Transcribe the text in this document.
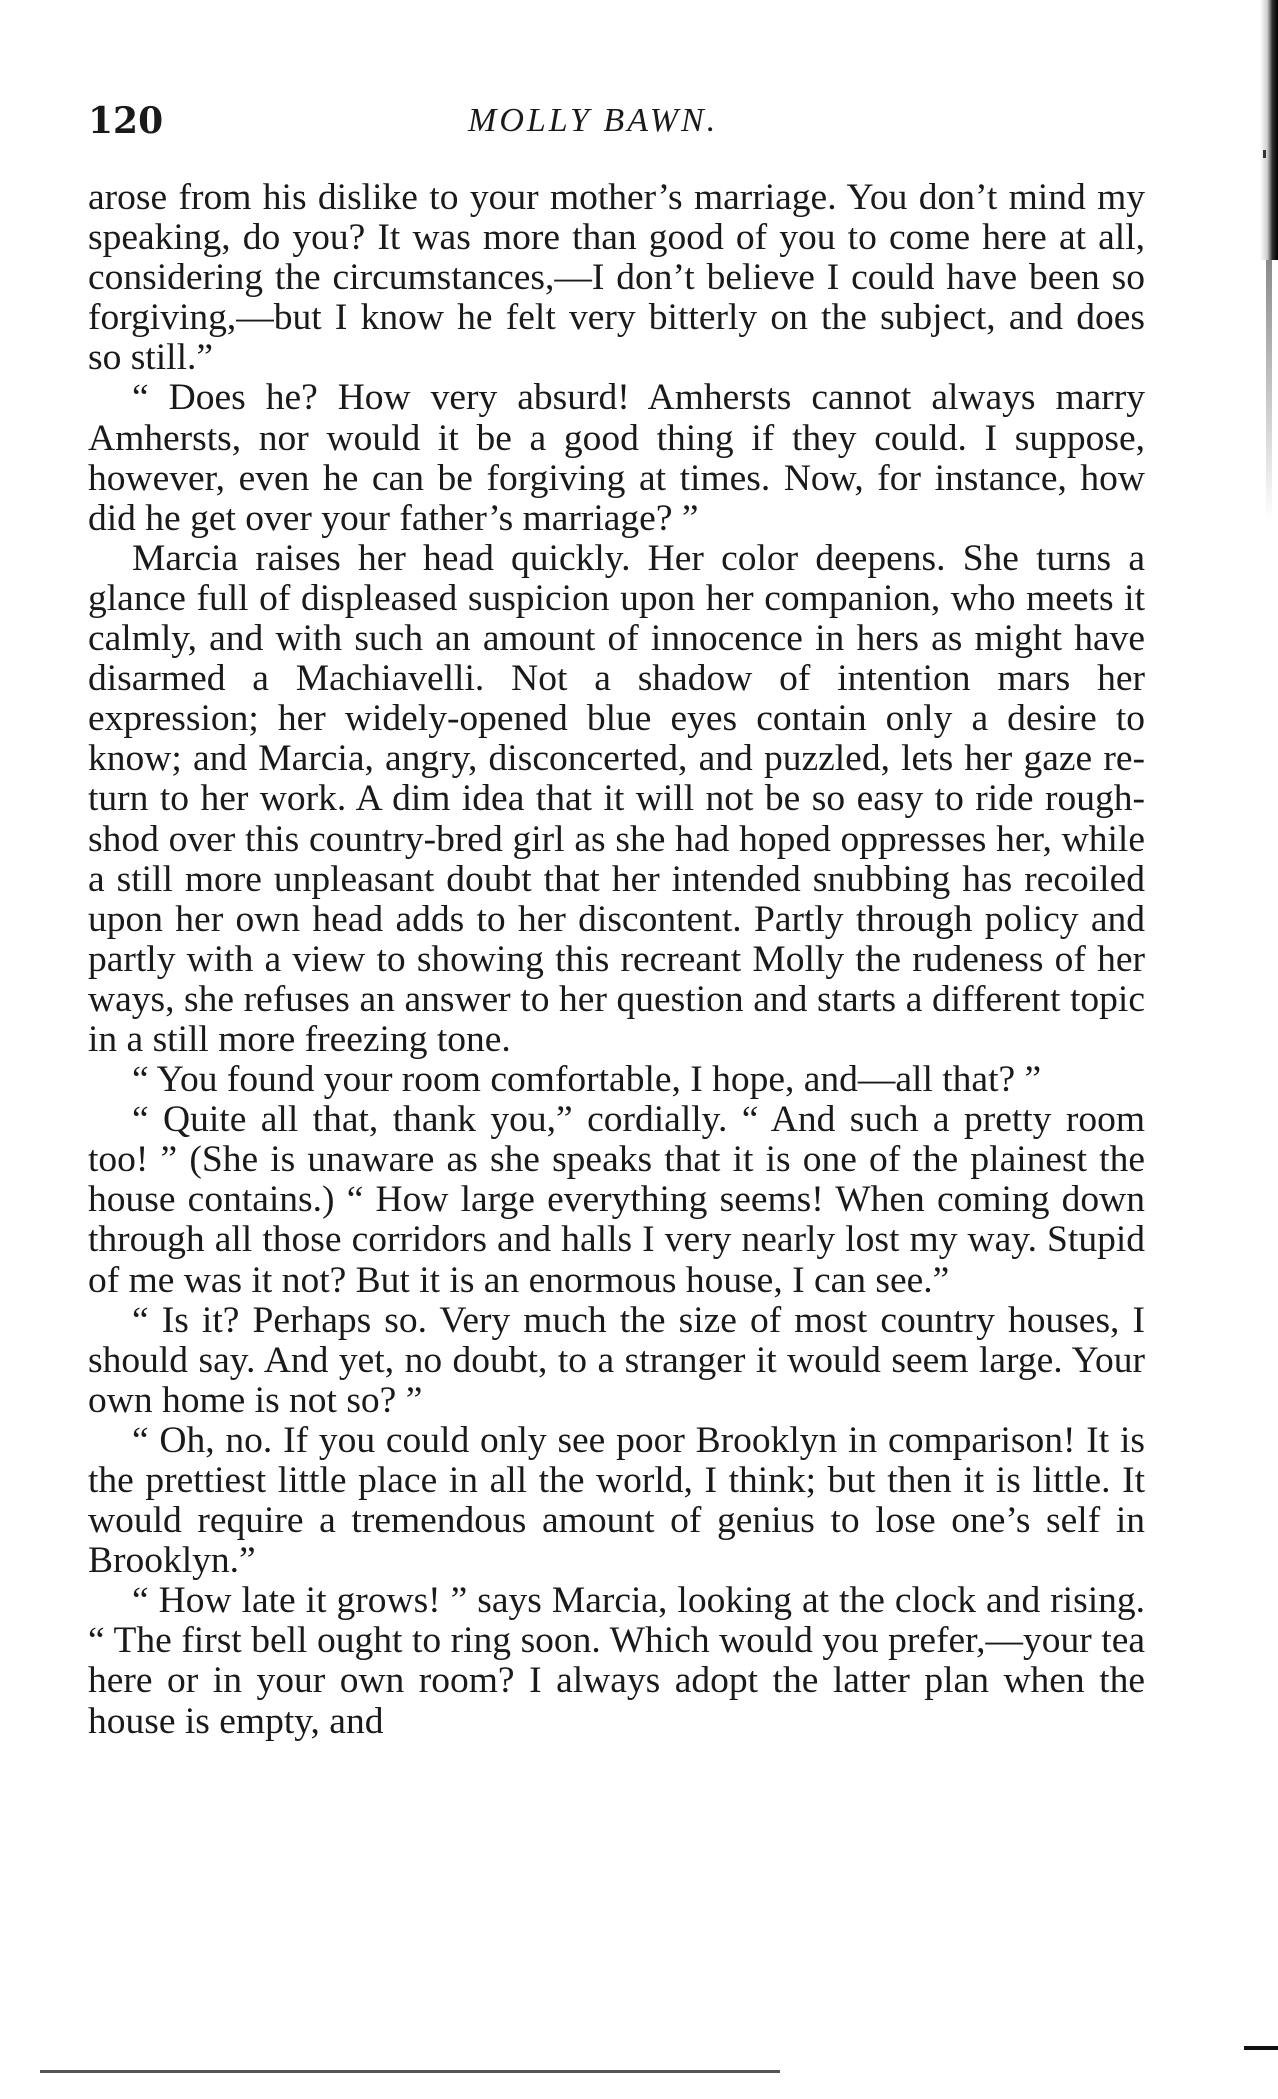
120	MOLLY BAWN.

arose from his dislike to your mother’s marriage. You don’t mind my speaking, do you? It was more than good of you to come here at all, considering the circumstances,—I don’t believe I could have been so forgiving,—but I know he felt very bitterly on the subject, and does so still.”

“ Does he? How very absurd! Amhersts cannot always marry Amhersts, nor would it be a good thing if they could. I suppose, however, even he can be forgiving at times. Now, for instance, how did he get over your father’s marriage? ”

Marcia raises her head quickly. Her color deepens. She turns a glance full of displeased suspicion upon her companion, who meets it calmly, and with such an amount of innocence in hers as might have disarmed a Machiavelli. Not a shadow of intention mars her expression; her widely-opened blue eyes contain only a desire to know; and Marcia, angry, disconcerted, and puzzled, lets her gaze return to her work. A dim idea that it will not be so easy to ride rough-shod over this country-bred girl as she had hoped oppresses her, while a still more unpleasant doubt that her intended snubbing has recoiled upon her own head adds to her discontent. Partly through policy and partly with a view to showing this recreant Molly the rudeness of her ways, she refuses an answer to her question and starts a different topic in a still more freezing tone.

“ You found your room comfortable, I hope, and—all that? ”

“ Quite all that, thank you,” cordially. “ And such a pretty room too! ” (She is unaware as she speaks that it is one of the plainest the house contains.) “ How large everything seems! When coming down through all those corridors and halls I very nearly lost my way. Stupid of me was it not? But it is an enormous house, I can see.”

“ Is it? Perhaps so. Very much the size of most country houses, I should say. And yet, no doubt, to a stranger it would seem large. Your own home is not so? ”

“ Oh, no. If you could only see poor Brooklyn in comparison! It is the prettiest little place in all the world, I think; but then it is little. It would require a tremendous amount of genius to lose one’s self in Brooklyn.”

“ How late it grows! ” says Marcia, looking at the clock and rising. “ The first bell ought to ring soon. Which would you prefer,—your tea here or in your own room? I always adopt the latter plan when the house is empty, and
